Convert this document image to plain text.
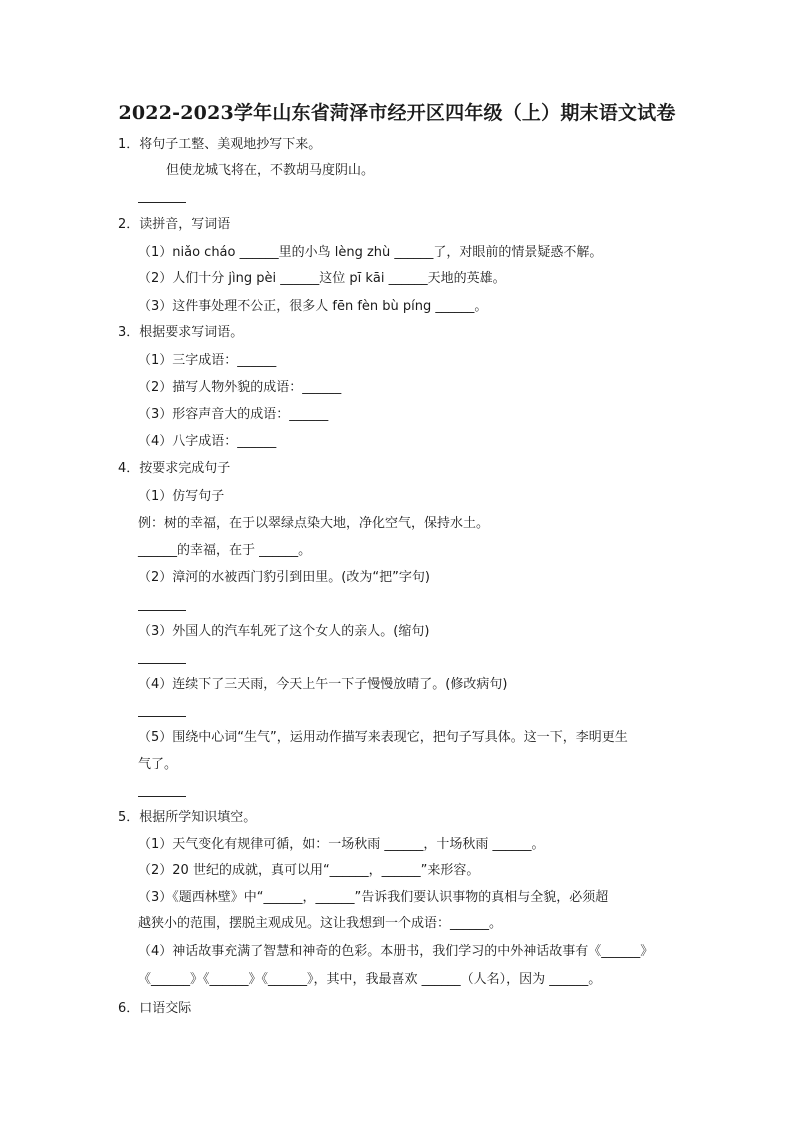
2022-2023学年山东省菏泽市经开区四年级（上）期末语文试卷
1．将句子工整、美观地抄写下来。
但使龙城飞将在，不教胡马度阴山。
2．读拼音，写词语
（1）niǎo cháo ______里的小鸟 lèng zhù ______了，对眼前的情景疑惑不解。
（2）人们十分 jìng pèi ______这位 pī kāi ______天地的英雄。
（3）这件事处理不公正，很多人 fēn fèn bù píng ______。
3．根据要求写词语。
（1）三字成语：______
（2）描写人物外貌的成语：______
（3）形容声音大的成语：______
（4）八字成语：______
4．按要求完成句子
（1）仿写句子
例：树的幸福，在于以翠绿点染大地，净化空气，保持水土。
______的幸福，在于 ______。
（2）漳河的水被西门豹引到田里。(改为“把”字句)
（3）外国人的汽车轧死了这个女人的亲人。(缩句)
（4）连续下了三天雨，今天上午一下子慢慢放晴了。(修改病句)
（5）围绕中心词“生气”，运用动作描写来表现它，把句子写具体。这一下，李明更生
气了。
5．根据所学知识填空。
（1）天气变化有规律可循，如：一场秋雨 ______，十场秋雨 ______。
（2）20 世纪的成就，真可以用“______，______”来形容。
（3）《题西林壁》中“______，______”告诉我们要认识事物的真相与全貌，必须超
越狭小的范围，摆脱主观成见。这让我想到一个成语：______。
（4）神话故事充满了智慧和神奇的色彩。本册书，我们学习的中外神话故事有《______》
《______》《______》《______》，其中，我最喜欢 ______（人名），因为 ______。
6．口语交际
